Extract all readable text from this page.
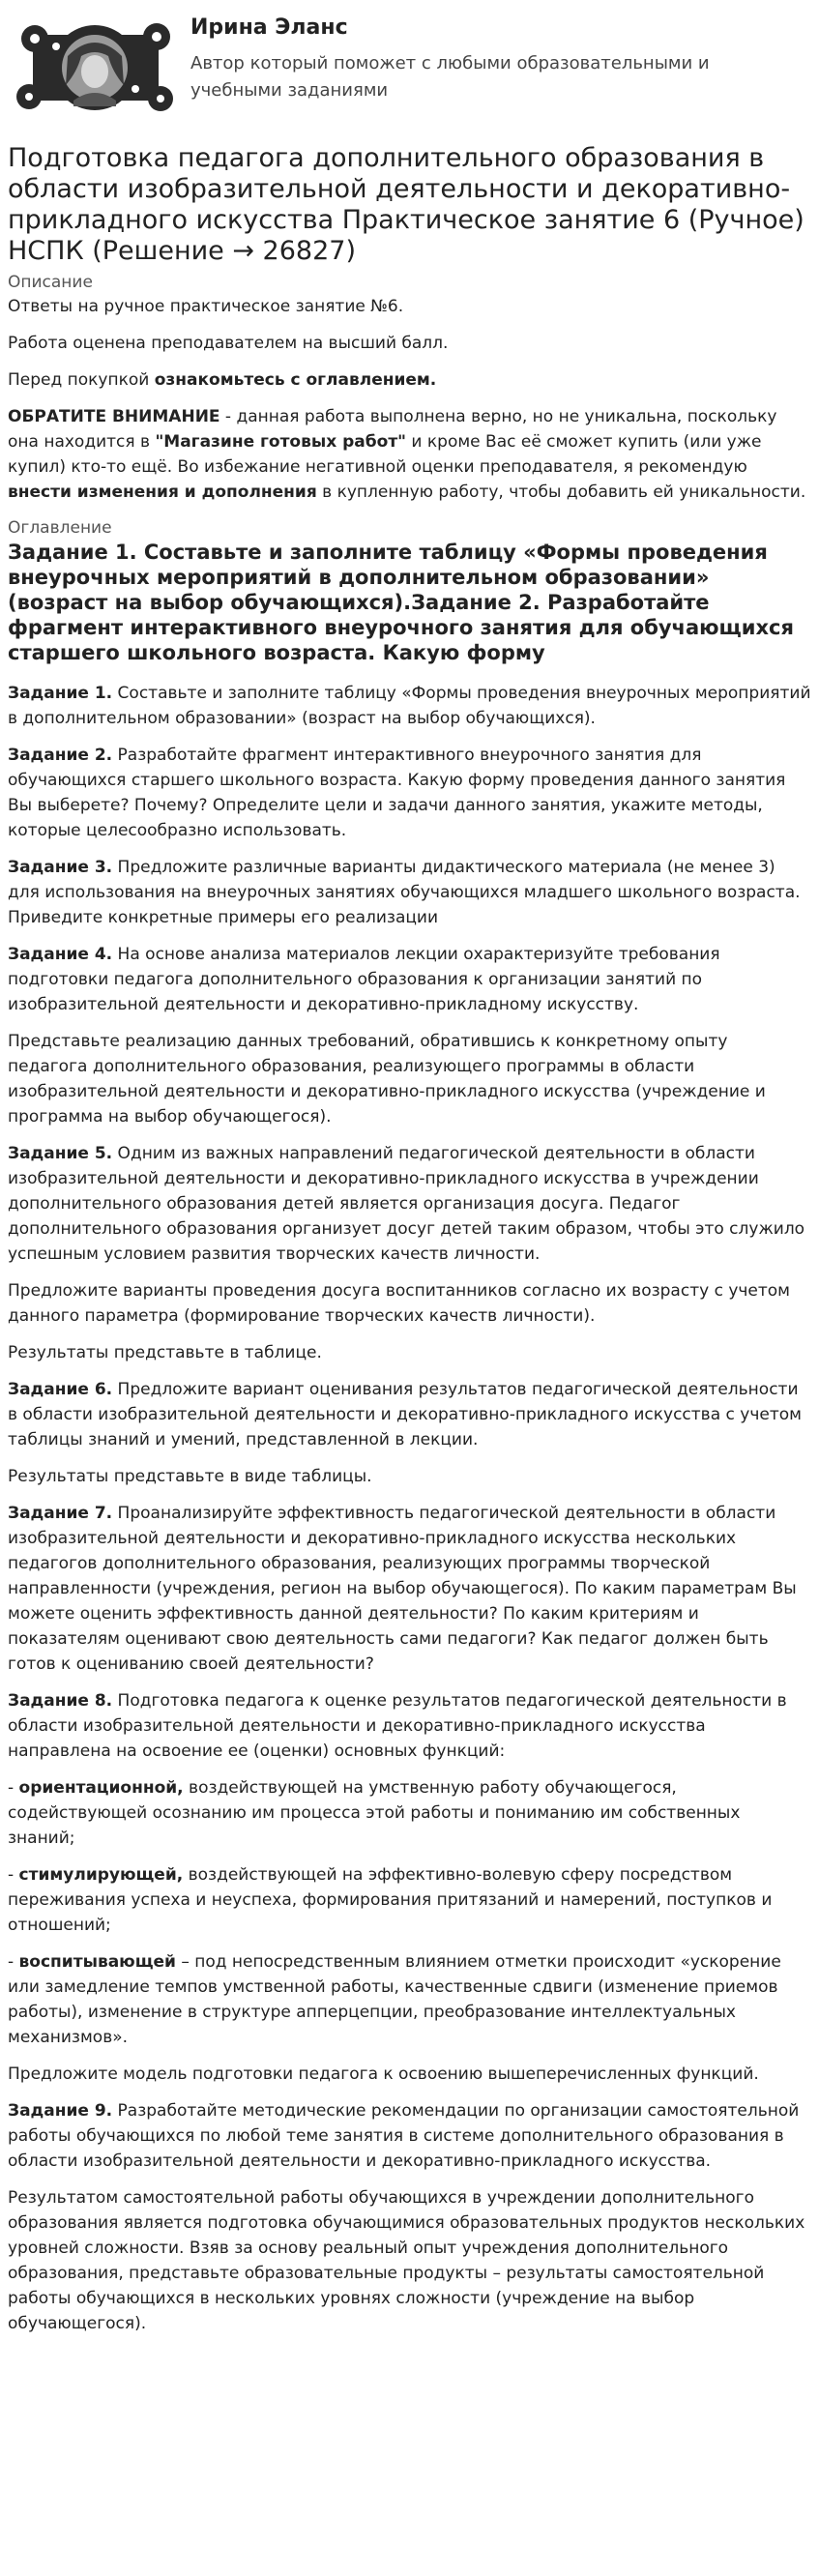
Ирина Эланс
Автор который поможет с любыми образовательными и учебными заданиями
Подготовка педагога дополнительного образования в области изобразительной деятельности и декоративно-прикладного искусства Практическое занятие 6 (Ручное) НСПК (Решение → 26827)
Описание

Ответы на ручное практическое занятие №6.

Работа оценена преподавателем на высший балл.

Перед покупкой ознакомьтесь с оглавлением.

ОБРАТИТЕ ВНИМАНИЕ - данная работа выполнена верно, но не уникальна, поскольку она находится в "Магазине готовых работ" и кроме Вас её сможет купить (или уже купил) кто-то ещё. Во избежание негативной оценки преподавателя, я рекомендую внести изменения и дополнения в купленную работу, чтобы добавить ей уникальности.

Оглавление
Задание 1. Составьте и заполните таблицу «Формы проведения внеурочных мероприятий в дополнительном образовании» (возраст на выбор обучающихся).Задание 2. Разработайте фрагмент интерактивного внеурочного занятия для обучающихся старшего школьного возраста. Какую форму

Задание 1. Составьте и заполните таблицу «Формы проведения внеурочных мероприятий в дополнительном образовании» (возраст на выбор обучающихся).

Задание 2. Разработайте фрагмент интерактивного внеурочного занятия для обучающихся старшего школьного возраста. Какую форму проведения данного занятия Вы выберете? Почему? Определите цели и задачи данного занятия, укажите методы, которые целесообразно использовать.

Задание 3. Предложите различные варианты дидактического материала (не менее 3) для использования на внеурочных занятиях обучающихся младшего школьного возраста. Приведите конкретные примеры его реализации

Задание 4. На основе анализа материалов лекции охарактеризуйте требования подготовки педагога дополнительного образования к организации занятий по изобразительной деятельности и декоративно-прикладному искусству.

Представьте реализацию данных требований, обратившись к конкретному опыту педагога дополнительного образования, реализующего программы в области изобразительной деятельности и декоративно-прикладного искусства (учреждение и программа на выбор обучающегося).

Задание 5. Одним из важных направлений педагогической деятельности в области изобразительной деятельности и декоративно-прикладного искусства в учреждении дополнительного образования детей является организация досуга. Педагог дополнительного образования организует досуг детей таким образом, чтобы это служило успешным условием развития творческих качеств личности.

Предложите варианты проведения досуга воспитанников согласно их возрасту с учетом данного параметра (формирование творческих качеств личности).

Результаты представьте в таблице.

Задание 6. Предложите вариант оценивания результатов педагогической деятельности в области изобразительной деятельности и декоративно-прикладного искусства с учетом таблицы знаний и умений, представленной в лекции.

Результаты представьте в виде таблицы.

Задание 7. Проанализируйте эффективность педагогической деятельности в области изобразительной деятельности и декоративно-прикладного искусства нескольких педагогов дополнительного образования, реализующих программы творческой направленности (учреждения, регион на выбор обучающегося). По каким параметрам Вы можете оценить эффективность данной деятельности? По каким критериям и показателям оценивают свою деятельность сами педагоги? Как педагог должен быть готов к оцениванию своей деятельности?

Задание 8. Подготовка педагога к оценке результатов педагогической деятельности в области изобразительной деятельности и декоративно-прикладного искусства направлена на освоение ее (оценки) основных функций:

- ориентационной, воздействующей на умственную работу обучающегося, содействующей осознанию им процесса этой работы и пониманию им собственных знаний;

- стимулирующей, воздействующей на эффективно-волевую сферу посредством переживания успеха и неуспеха, формирования притязаний и намерений, поступков и отношений;

- воспитывающей – под непосредственным влиянием отметки происходит «ускорение или замедление темпов умственной работы, качественные сдвиги (изменение приемов работы), изменение в структуре апперцепции, преобразование интеллектуальных механизмов».

Предложите модель подготовки педагога к освоению вышеперечисленных функций.

Задание 9. Разработайте методические рекомендации по организации самостоятельной работы обучающихся по любой теме занятия в системе дополнительного образования в области изобразительной деятельности и декоративно-прикладного искусства.

Результатом самостоятельной работы обучающихся в учреждении дополнительного образования является подготовка обучающимися образовательных продуктов нескольких уровней сложности. Взяв за основу реальный опыт учреждения дополнительного образования, представьте образовательные продукты – результаты самостоятельной работы обучающихся в нескольких уровнях сложности (учреждение на выбор обучающегося).
